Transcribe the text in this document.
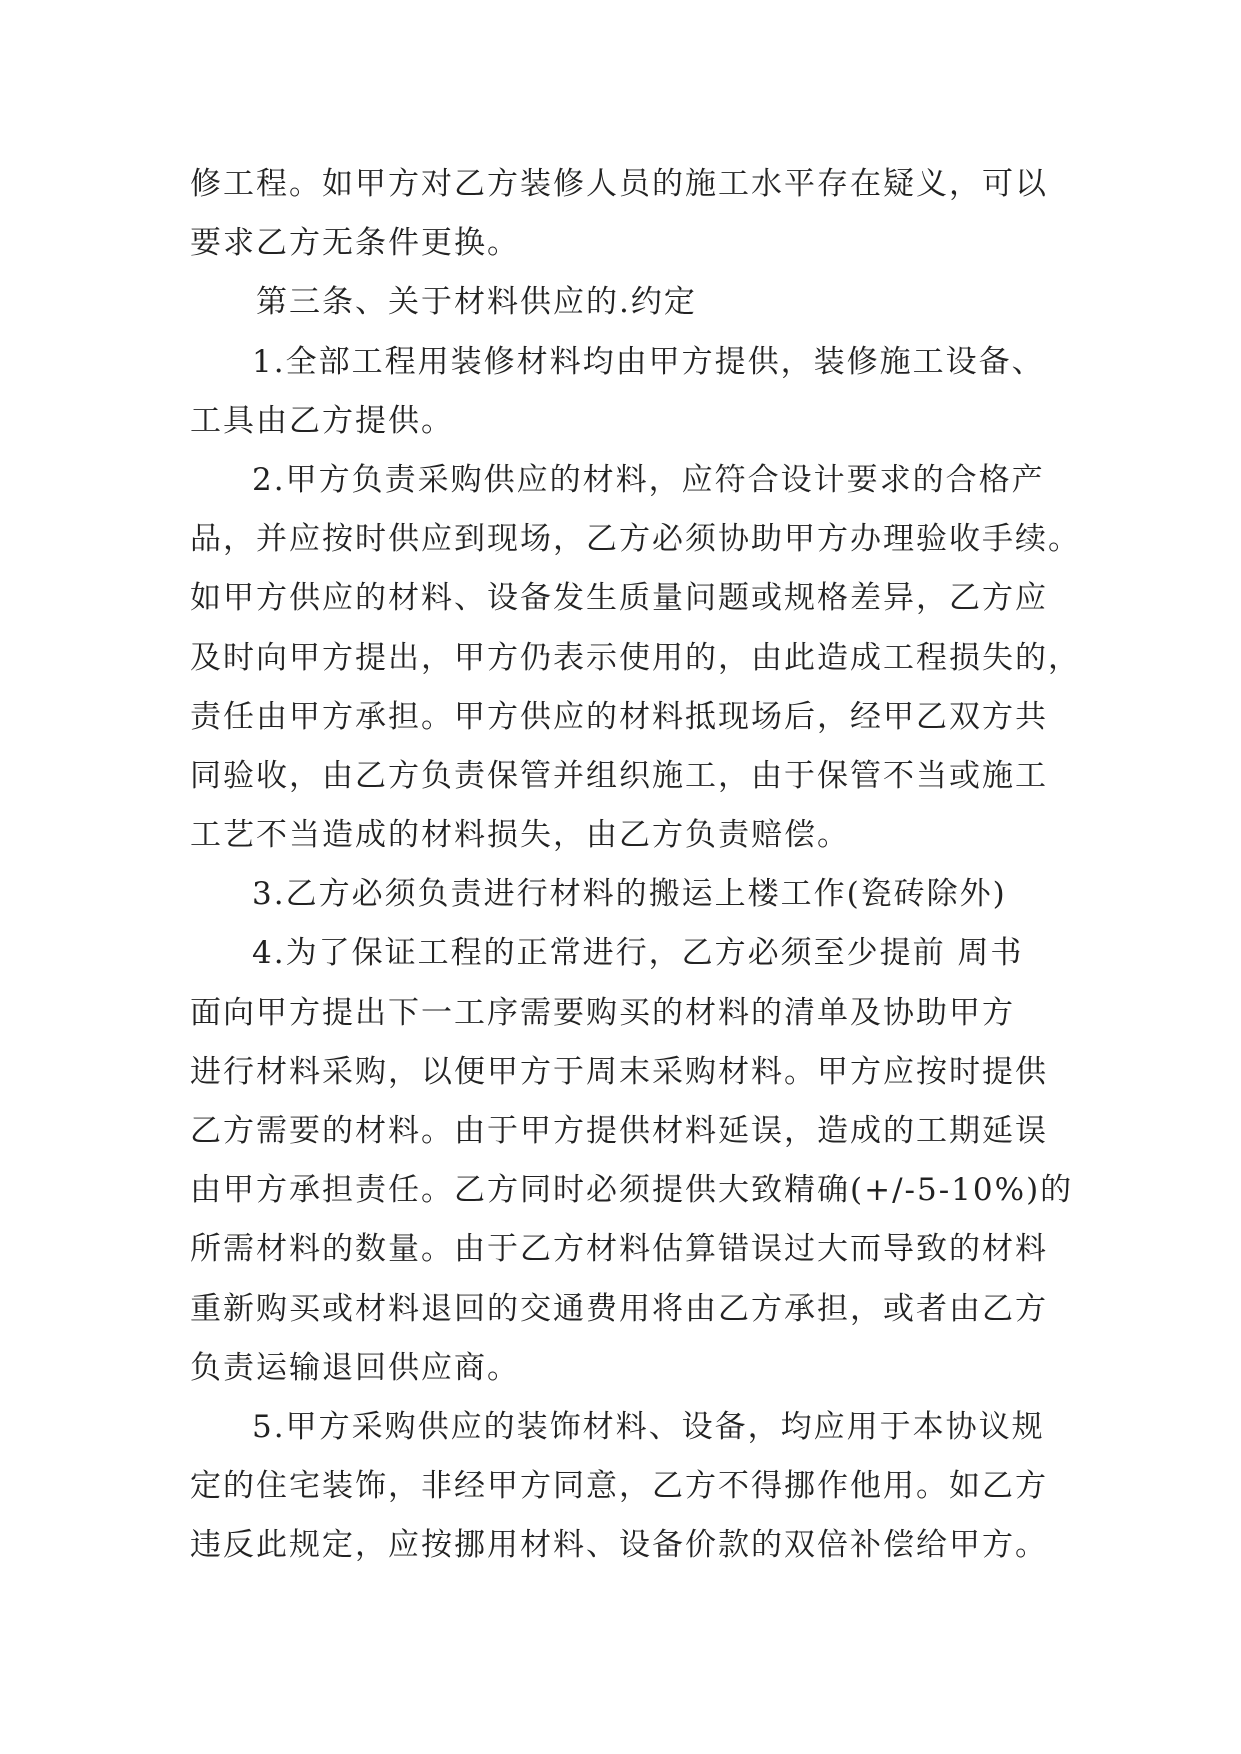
修工程。如甲方对乙方装修人员的施工水平存在疑义，可以
要求乙方无条件更换。
第三条、关于材料供应的.约定
1.全部工程用装修材料均由甲方提供，装修施工设备、
工具由乙方提供。
2.甲方负责采购供应的材料，应符合设计要求的合格产
品，并应按时供应到现场，乙方必须协助甲方办理验收手续。
如甲方供应的材料、设备发生质量问题或规格差异，乙方应
及时向甲方提出，甲方仍表示使用的，由此造成工程损失的，
责任由甲方承担。甲方供应的材料抵现场后，经甲乙双方共
同验收，由乙方负责保管并组织施工，由于保管不当或施工
工艺不当造成的材料损失，由乙方负责赔偿。
3.乙方必须负责进行材料的搬运上楼工作(瓷砖除外)
4.为了保证工程的正常进行，乙方必须至少提前 周书
面向甲方提出下一工序需要购买的材料的清单及协助甲方
进行材料采购，以便甲方于周末采购材料。甲方应按时提供
乙方需要的材料。由于甲方提供材料延误，造成的工期延误
由甲方承担责任。乙方同时必须提供大致精确(+/-5-10%)的
所需材料的数量。由于乙方材料估算错误过大而导致的材料
重新购买或材料退回的交通费用将由乙方承担，或者由乙方
负责运输退回供应商。
5.甲方采购供应的装饰材料、设备，均应用于本协议规
定的住宅装饰，非经甲方同意，乙方不得挪作他用。如乙方
违反此规定，应按挪用材料、设备价款的双倍补偿给甲方。
